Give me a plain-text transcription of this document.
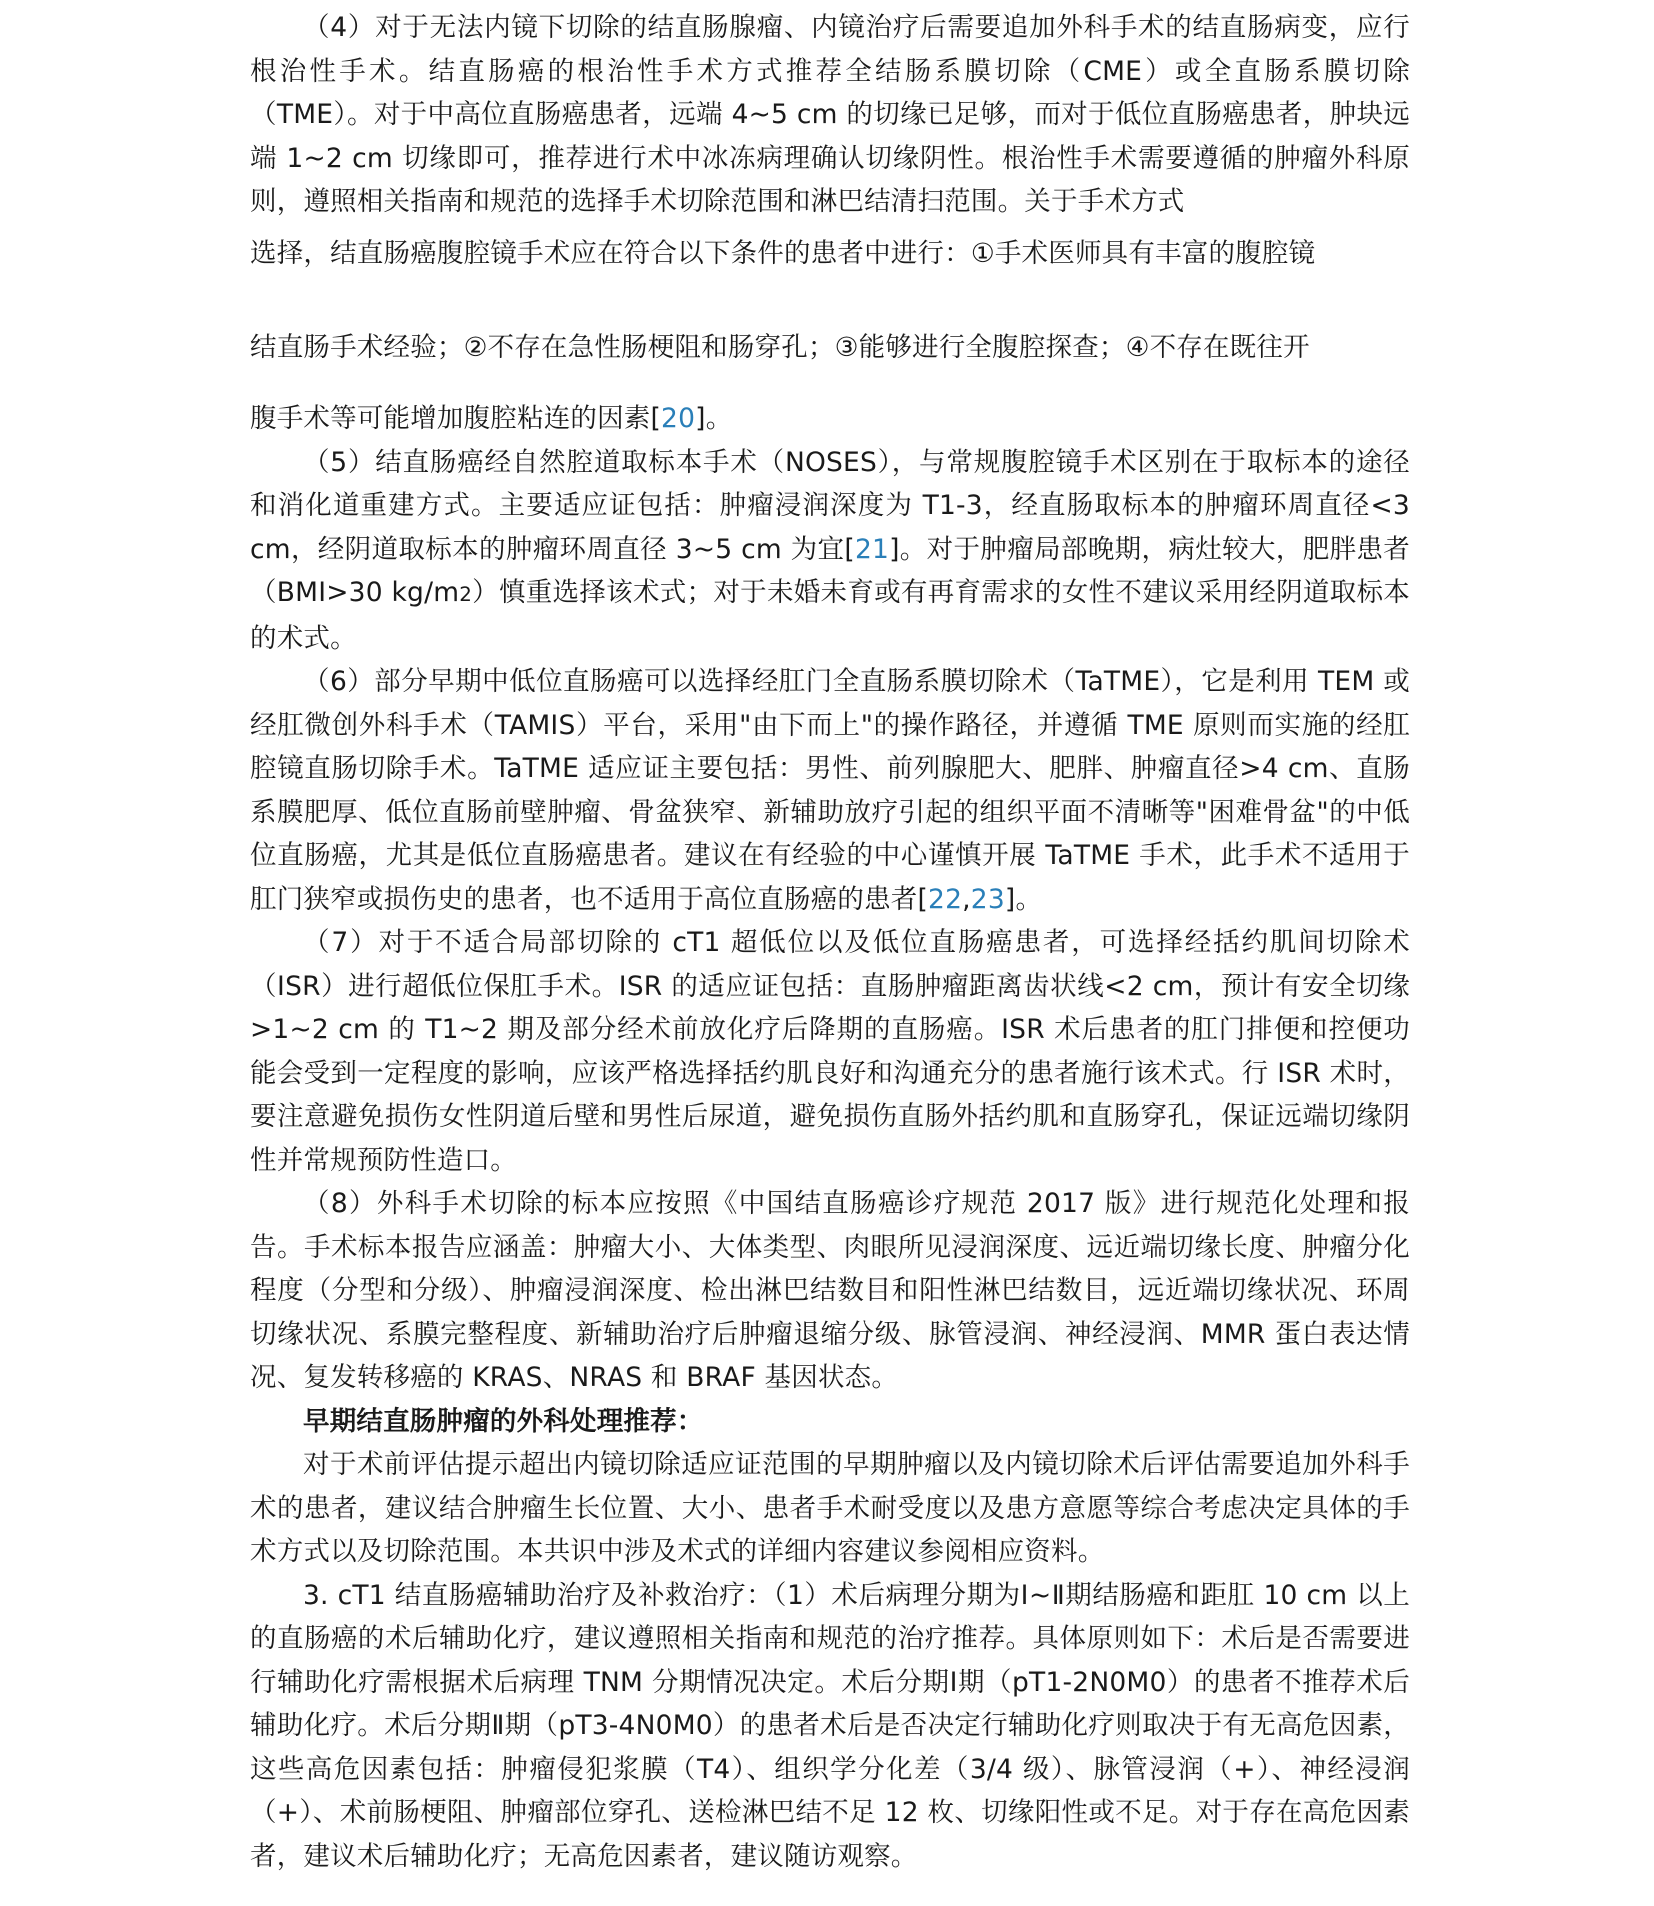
（4）对于无法内镜下切除的结直肠腺瘤、内镜治疗后需要追加外科手术的结直肠病变，应行根治性手术。结直肠癌的根治性手术方式推荐全结肠系膜切除（CME）或全直肠系膜切除（TME）。对于中高位直肠癌患者，远端 4~5 cm 的切缘已足够，而对于低位直肠癌患者，肿块远端 1~2 cm 切缘即可，推荐进行术中冰冻病理确认切缘阴性。根治性手术需要遵循的肿瘤外科原则，遵照相关指南和规范的选择手术切除范围和淋巴结清扫范围。关于手术方式

选择，结直肠癌腹腔镜手术应在符合以下条件的患者中进行：①手术医师具有丰富的腹腔镜

结直肠手术经验；②不存在急性肠梗阻和肠穿孔；③能够进行全腹腔探查；④不存在既往开

腹手术等可能增加腹腔粘连的因素[20]。

（5）结直肠癌经自然腔道取标本手术（NOSES），与常规腹腔镜手术区别在于取标本的途径和消化道重建方式。主要适应证包括：肿瘤浸润深度为 T1-3，经直肠取标本的肿瘤环周直径<3 cm，经阴道取标本的肿瘤环周直径 3~5 cm 为宜[21]。对于肿瘤局部晚期，病灶较大，肥胖患者（BMI>30 kg/m2）慎重选择该术式；对于未婚未育或有再育需求的女性不建议采用经阴道取标本的术式。

（6）部分早期中低位直肠癌可以选择经肛门全直肠系膜切除术（TaTME），它是利用 TEM 或经肛微创外科手术（TAMIS）平台，采用"由下而上"的操作路径，并遵循 TME 原则而实施的经肛腔镜直肠切除手术。TaTME 适应证主要包括：男性、前列腺肥大、肥胖、肿瘤直径>4 cm、直肠系膜肥厚、低位直肠前壁肿瘤、骨盆狭窄、新辅助放疗引起的组织平面不清晰等"困难骨盆"的中低位直肠癌，尤其是低位直肠癌患者。建议在有经验的中心谨慎开展 TaTME 手术，此手术不适用于肛门狭窄或损伤史的患者，也不适用于高位直肠癌的患者[22,23]。

（7）对于不适合局部切除的 cT1 超低位以及低位直肠癌患者，可选择经括约肌间切除术（ISR）进行超低位保肛手术。ISR 的适应证包括：直肠肿瘤距离齿状线<2 cm，预计有安全切缘>1~2 cm 的 T1~2 期及部分经术前放化疗后降期的直肠癌。ISR 术后患者的肛门排便和控便功能会受到一定程度的影响，应该严格选择括约肌良好和沟通充分的患者施行该术式。行 ISR 术时，要注意避免损伤女性阴道后壁和男性后尿道，避免损伤直肠外括约肌和直肠穿孔，保证远端切缘阴性并常规预防性造口。

（8）外科手术切除的标本应按照《中国结直肠癌诊疗规范 2017 版》进行规范化处理和报告。手术标本报告应涵盖：肿瘤大小、大体类型、肉眼所见浸润深度、远近端切缘长度、肿瘤分化程度（分型和分级）、肿瘤浸润深度、检出淋巴结数目和阳性淋巴结数目，远近端切缘状况、环周切缘状况、系膜完整程度、新辅助治疗后肿瘤退缩分级、脉管浸润、神经浸润、MMR 蛋白表达情况、复发转移癌的 KRAS、NRAS 和 BRAF 基因状态。

早期结直肠肿瘤的外科处理推荐：

对于术前评估提示超出内镜切除适应证范围的早期肿瘤以及内镜切除术后评估需要追加外科手术的患者，建议结合肿瘤生长位置、大小、患者手术耐受度以及患方意愿等综合考虑决定具体的手术方式以及切除范围。本共识中涉及术式的详细内容建议参阅相应资料。

3. cT1 结直肠癌辅助治疗及补救治疗：（1）术后病理分期为Ⅰ~Ⅱ期结肠癌和距肛 10 cm 以上的直肠癌的术后辅助化疗，建议遵照相关指南和规范的治疗推荐。具体原则如下：术后是否需要进行辅助化疗需根据术后病理 TNM 分期情况决定。术后分期Ⅰ期（pT1-2N0M0）的患者不推荐术后辅助化疗。术后分期Ⅱ期（pT3-4N0M0）的患者术后是否决定行辅助化疗则取决于有无高危因素，这些高危因素包括：肿瘤侵犯浆膜（T4）、组织学分化差（3/4 级）、脉管浸润（+）、神经浸润（+）、术前肠梗阻、肿瘤部位穿孔、送检淋巴结不足 12 枚、切缘阳性或不足。对于存在高危因素者，建议术后辅助化疗；无高危因素者，建议随访观察。
